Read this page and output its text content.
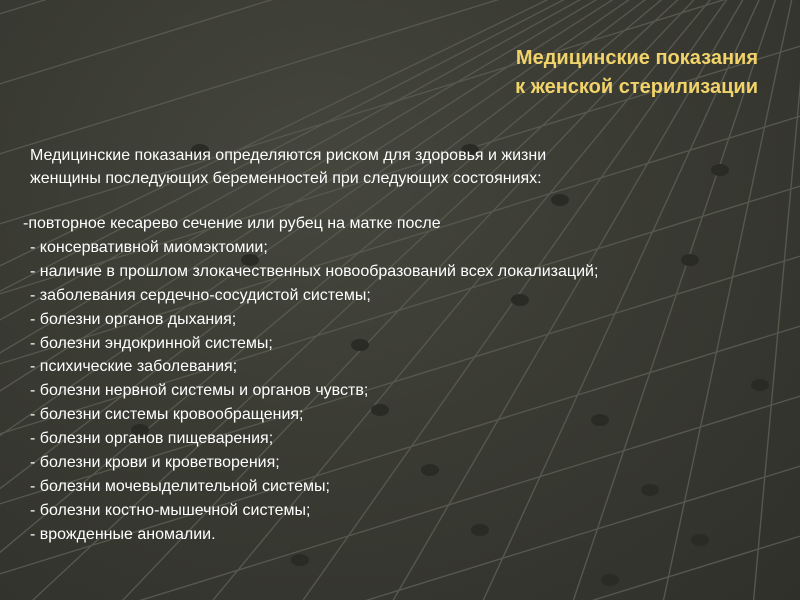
Медицинские показания
к женской стерилизации
Медицинские показания определяются риском для здоровья и жизни
женщины последующих беременностей при следующих состояниях:
-повторное кесарево сечение или рубец на матке после
- консервативной миомэктомии;
- наличие в прошлом злокачественных новообразований всех локализаций;
- заболевания сердечно-сосудистой системы;
- болезни органов дыхания;
- болезни эндокринной системы;
- психические заболевания;
- болезни нервной системы и органов чувств;
- болезни системы кровообращения;
- болезни органов пищеварения;
- болезни крови и кроветворения;
- болезни мочевыделительной системы;
- болезни костно-мышечной системы;
- врожденные аномалии.
